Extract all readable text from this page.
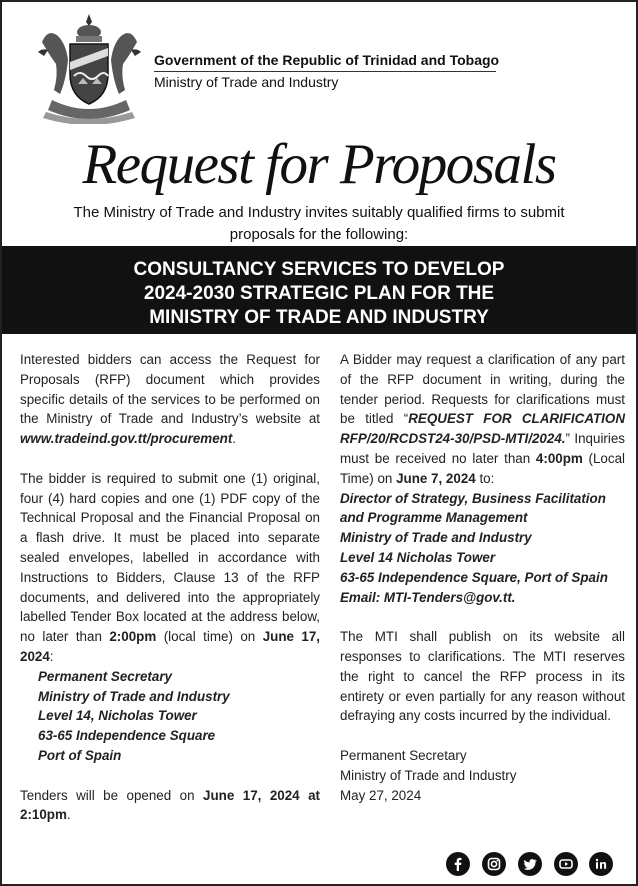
Government of the Republic of Trinidad and Tobago
Ministry of Trade and Industry
Request for Proposals
The Ministry of Trade and Industry invites suitably qualified firms to submit proposals for the following:
CONSULTANCY SERVICES TO DEVELOP
2024-2030 STRATEGIC PLAN FOR THE
MINISTRY OF TRADE AND INDUSTRY

Interested bidders can access the Request for Proposals (RFP) document which provides specific details of the services to be performed on the Ministry of Trade and Industry’s website at www.tradeind.gov.tt/procurement.

The bidder is required to submit one (1) original, four (4) hard copies and one (1) PDF copy of the Technical Proposal and the Financial Proposal on a flash drive. It must be placed into separate sealed envelopes, labelled in accordance with Instructions to Bidders, Clause 13 of the RFP documents, and delivered into the appropriately labelled Tender Box located at the address below, no later than 2:00pm (local time) on June 17, 2024:

Permanent Secretary
Ministry of Trade and Industry
Level 14, Nicholas Tower
63-65 Independence Square
Port of Spain

Tenders will be opened on June 17, 2024 at 2:10pm.

A Bidder may request a clarification of any part of the RFP document in writing, during the tender period. Requests for clarifications must be titled “REQUEST FOR CLARIFICATION RFP/20/RCDST24-30/PSD-MTI/2024.” Inquiries must be received no later than 4:00pm (Local Time) on June 7, 2024 to:

Director of Strategy, Business Facilitation and Programme Management
Ministry of Trade and Industry
Level 14 Nicholas Tower
63-65 Independence Square, Port of Spain
Email: MTI-Tenders@gov.tt.

The MTI shall publish on its website all responses to clarifications. The MTI reserves the right to cancel the RFP process in its entirety or even partially for any reason without defraying any costs incurred by the individual.

Permanent Secretary
Ministry of Trade and Industry
May 27, 2024
